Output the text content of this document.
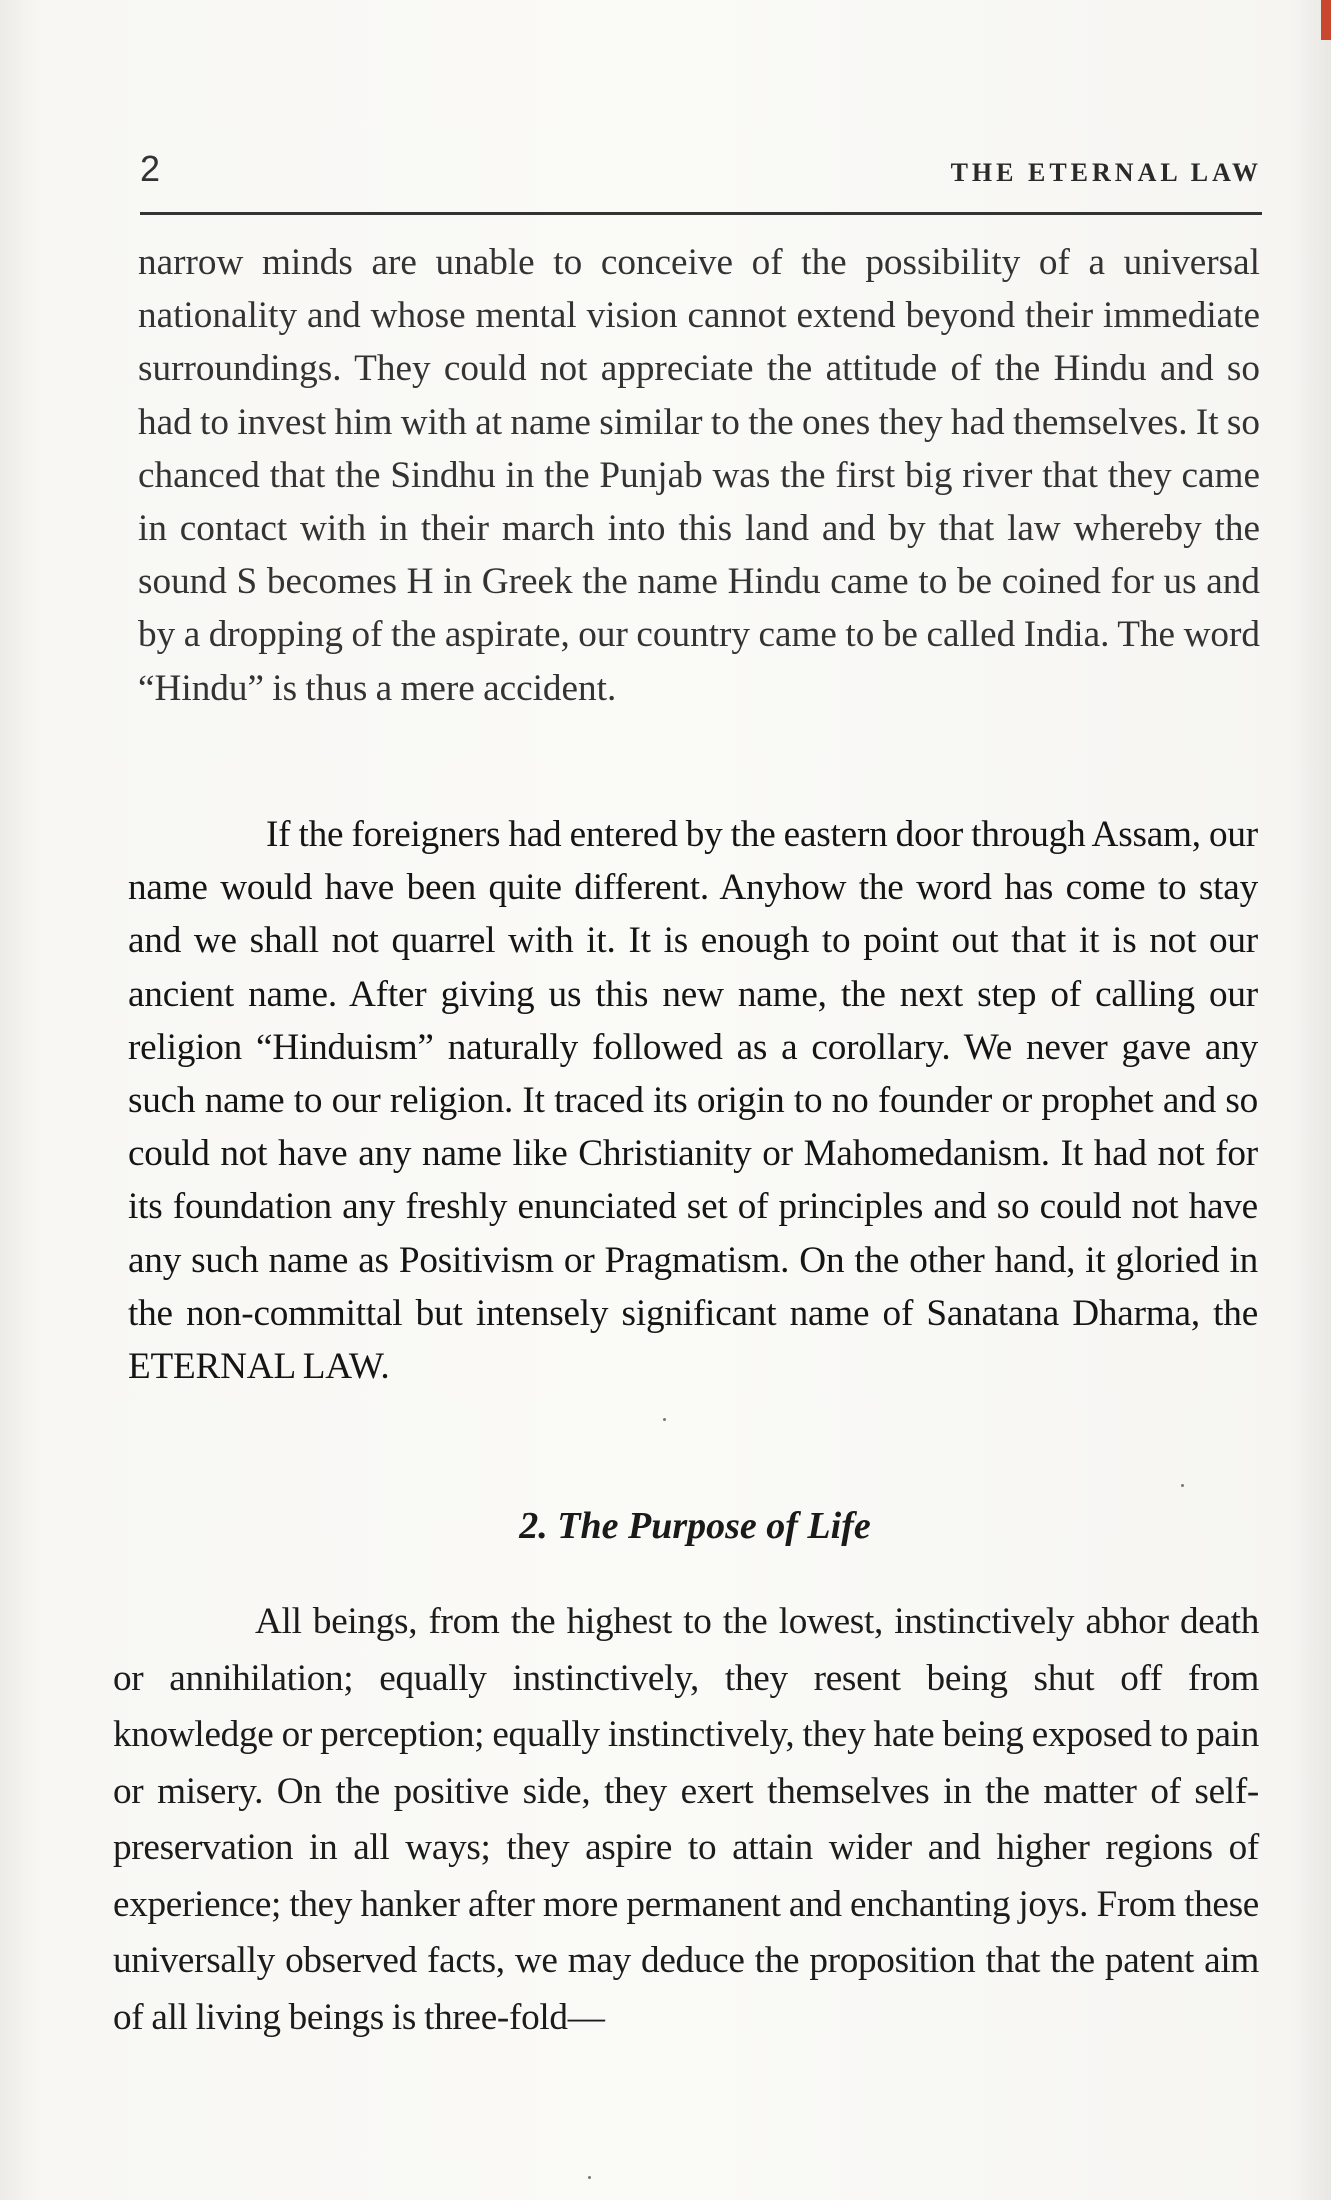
2	THE ETERNAL LAW

narrow minds are unable to conceive of the possibility of a universal nationality and whose mental vision cannot extend beyond their immediate surroundings. They could not appreciate the attitude of the Hindu and so had to invest him with at name similar to the ones they had themselves. It so chanced that the Sindhu in the Punjab was the first big river that they came in contact with in their march into this land and by that law whereby the sound S becomes H in Greek the name Hindu came to be coined for us and by a dropping of the aspirate, our country came to be called India. The word “Hindu” is thus a mere accident.

If the foreigners had entered by the eastern door through Assam, our name would have been quite different. Anyhow the word has come to stay and we shall not quarrel with it. It is enough to point out that it is not our ancient name. After giving us this new name, the next step of calling our religion “Hinduism” naturally followed as a corollary. We never gave any such name to our religion. It traced its origin to no founder or prophet and so could not have any name like Christianity or Mahomedanism. It had not for its foundation any freshly enunciated set of principles and so could not have any such name as Positivism or Pragmatism. On the other hand, it gloried in the non-committal but intensely significant name of Sanatana Dharma, the ETERNAL LAW.

2. The Purpose of Life

All beings, from the highest to the lowest, instinctively abhor death or annihilation; equally instinctively, they resent being shut off from knowledge or perception; equally instinctively, they hate being exposed to pain or misery. On the positive side, they exert themselves in the matter of self-preservation in all ways; they aspire to attain wider and higher regions of experience; they hanker after more permanent and enchanting joys. From these universally observed facts, we may deduce the proposition that the patent aim of all living beings is three-fold—
